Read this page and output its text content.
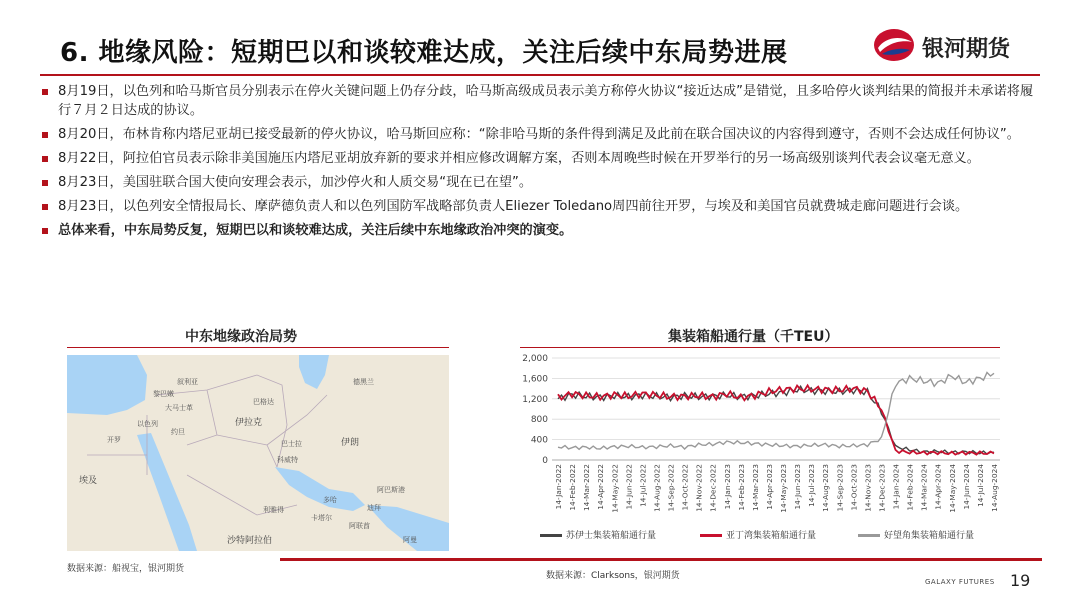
6. 地缘风险：短期巴以和谈较难达成，关注后续中东局势进展	银河期货
8月19日，以色列和哈马斯官员分别表示在停火关键问题上仍存分歧，哈马斯高级成员表示美方称停火协议“接近达成”是错觉，且多哈停火谈判结果的简报并未承诺将履行７月２日达成的协议。
8月20日，布林肯称内塔尼亚胡已接受最新的停火协议，哈马斯回应称：“除非哈马斯的条件得到满足及此前在联合国决议的内容得到遵守，否则不会达成任何协议”。
8月22日，阿拉伯官员表示除非美国施压内塔尼亚胡放弃新的要求并相应修改调解方案，否则本周晚些时候在开罗举行的另一场高级别谈判代表会议毫无意义。
8月23日，美国驻联合国大使向安理会表示，加沙停火和人质交易“现在已在望”。
8月23日，以色列安全情报局长、摩萨德负责人和以色列国防军战略部负责人Eliezer Toledano周四前往开罗，与埃及和美国官员就费城走廊问题进行会谈。
总体来看，中东局势反复，短期巴以和谈较难达成，关注后续中东地缘政治冲突的演变。
中东地缘政治局势
伊朗
伊拉克
沙特阿拉伯
埃及
叙利亚
约旦
黎巴嫩
以色列
大马士革
巴格达
德黑兰
科威特
利雅得
卡塔尔
阿联酋
阿曼
开罗	巴士拉
阿巴斯港
迪拜
多哈
数据来源：船视宝，银河期货
集装箱船通行量（千TEU）
0
400
800
1,200
1,600
2,000
14-Jan-2022 14-Feb-2022 14-Mar-2022 14-Apr-2022 14-May-2022 14-Jun-2022 14-Jul-2022 14-Aug-2022 14-Sep-2022 14-Oct-2022 14-Nov-2022 14-Dec-2022 14-Jan-2023 14-Feb-2023 14-Mar-2023 14-Apr-2023 14-May-2023 14-Jun-2023 14-Jul-2023 14-Aug-2023 14-Sep-2023 14-Oct-2023 14-Nov-2023 14-Dec-2023 14-Jan-2024 14-Feb-2024 14-Mar-2024 14-Apr-2024 14-May-2024 14-Jun-2024 14-Jul-2024 14-Aug-2024
苏伊士集装箱船通行量	亚丁湾集装箱船通行量	好望角集装箱船通行量
数据来源：Clarksons，银河期货
GALAXY FUTURES 19
